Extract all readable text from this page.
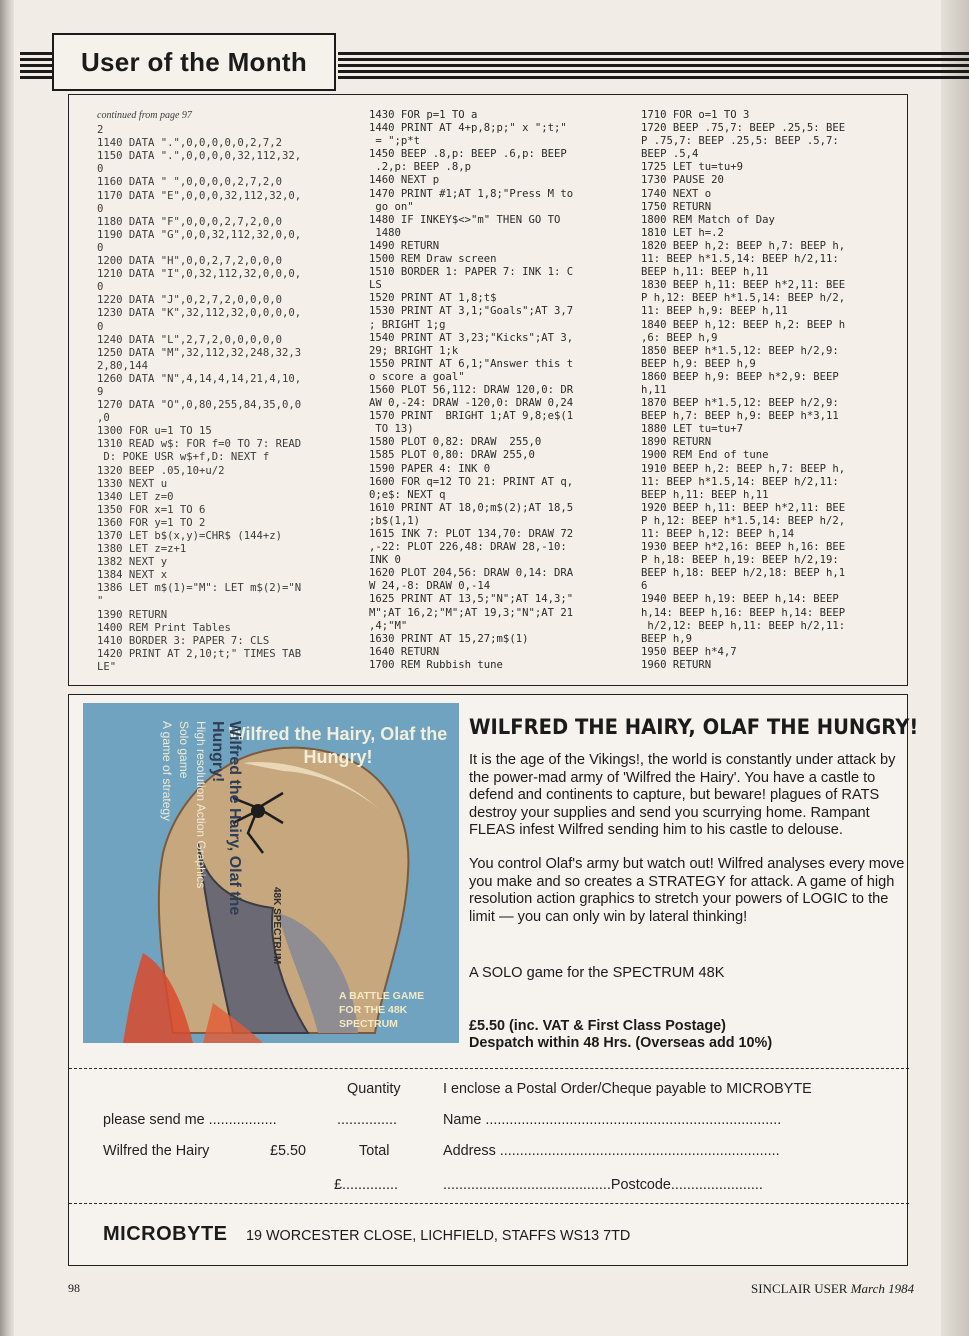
User of the Month
continued from page 97
2
1140 DATA ".",0,0,0,0,0,2,7,2
1150 DATA ".",0,0,0,0,32,112,32,
0
1160 DATA " ",0,0,0,0,2,7,2,0
1170 DATA "E",0,0,0,32,112,32,0,
0
1180 DATA "F",0,0,0,2,7,2,0,0
1190 DATA "G",0,0,32,112,32,0,0,
0
1200 DATA "H",0,0,2,7,2,0,0,0
1210 DATA "I",0,32,112,32,0,0,0,
0
1220 DATA "J",0,2,7,2,0,0,0,0
1230 DATA "K",32,112,32,0,0,0,0,
0
1240 DATA "L",2,7,2,0,0,0,0,0
1250 DATA "M",32,112,32,248,32,3
2,80,144
1260 DATA "N",4,14,4,14,21,4,10,
9
1270 DATA "O",0,80,255,84,35,0,0
,0
1300 FOR u=1 TO 15
1310 READ w$: FOR f=0 TO 7: READ
D: POKE USR w$+f,D: NEXT f
1320 BEEP .05,10+u/2
1330 NEXT u
1340 LET z=0
1350 FOR x=1 TO 6
1360 FOR y=1 TO 2
1370 LET b$(x,y)=CHR$ (144+z)
1380 LET z=z+1
1382 NEXT y
1384 NEXT x
1386 LET m$(1)="M": LET m$(2)="N
"
1390 RETURN
1400 REM Print Tables
1410 BORDER 3: PAPER 7: CLS
1420 PRINT AT 2,10;t;" TIMES TAB
LE"
1430 FOR p=1 TO a
1440 PRINT AT 4+p,8;p;" x ";t;"
= ";p*t
1450 BEEP .8,p: BEEP .6,p: BEEP
.2,p: BEEP .8,p
1460 NEXT p
1470 PRINT #1;AT 1,8;"Press M to
go on"
1480 IF INKEY$<>"m" THEN GO TO
1480
1490 RETURN
1500 REM Draw screen
1510 BORDER 1: PAPER 7: INK 1: C
LS
1520 PRINT AT 1,8;t$
1530 PRINT AT 3,1;"Goals";AT 3,7
; BRIGHT 1;g
1540 PRINT AT 3,23;"Kicks";AT 3,
29; BRIGHT 1;k
1550 PRINT AT 6,1;"Answer this t
o score a goal"
1560 PLOT 56,112: DRAW 120,0: DR
AW 0,-24: DRAW -120,0: DRAW 0,24
1570 PRINT  BRIGHT 1;AT 9,8;e$(1
TO 13)
1580 PLOT 0,82: DRAW  255,0
1585 PLOT 0,80: DRAW 255,0
1590 PAPER 4: INK 0
1600 FOR q=12 TO 21: PRINT AT q,
0;e$: NEXT q
1610 PRINT AT 18,0;m$(2);AT 18,5
;b$(1,1)
1615 INK 7: PLOT 134,70: DRAW 72
,-22: PLOT 226,48: DRAW 28,-10:
INK 0
1620 PLOT 204,56: DRAW 0,14: DRA
W 24,-8: DRAW 0,-14
1625 PRINT AT 13,5;"N";AT 14,3;"
M";AT 16,2;"M";AT 19,3;"N";AT 21
,4;"M"
1630 PRINT AT 15,27;m$(1)
1640 RETURN
1700 REM Rubbish tune
1710 FOR o=1 TO 3
1720 BEEP .75,7: BEEP .25,5: BEE
P .75,7: BEEP .25,5: BEEP .5,7:
BEEP .5,4
1725 LET tu=tu+9
1730 PAUSE 20
1740 NEXT o
1750 RETURN
1800 REM Match of Day
1810 LET h=.2
1820 BEEP h,2: BEEP h,7: BEEP h,
11: BEEP h*1.5,14: BEEP h/2,11:
BEEP h,11: BEEP h,11
1830 BEEP h,11: BEEP h*2,11: BEE
P h,12: BEEP h*1.5,14: BEEP h/2,
11: BEEP h,9: BEEP h,11
1840 BEEP h,12: BEEP h,2: BEEP h
,6: BEEP h,9
1850 BEEP h*1.5,12: BEEP h/2,9:
BEEP h,9: BEEP h,9
1860 BEEP h,9: BEEP h*2,9: BEEP
h,11
1870 BEEP h*1.5,12: BEEP h/2,9:
BEEP h,7: BEEP h,9: BEEP h*3,11
1880 LET tu=tu+7
1890 RETURN
1900 REM End of tune
1910 BEEP h,2: BEEP h,7: BEEP h,
11: BEEP h*1.5,14: BEEP h/2,11:
BEEP h,11: BEEP h,11
1920 BEEP h,11: BEEP h*2,11: BEE
P h,12: BEEP h*1.5,14: BEEP h/2,
11: BEEP h,12: BEEP h,14
1930 BEEP h*2,16: BEEP h,16: BEE
P h,18: BEEP h,19: BEEP h/2,19:
BEEP h,18: BEEP h/2,18: BEEP h,1
6
1940 BEEP h,19: BEEP h,14: BEEP
h,14: BEEP h,16: BEEP h,14: BEEP
h/2,12: BEEP h,11: BEEP h/2,11:
BEEP h,9
1950 BEEP h*4,7
1960 RETURN
Wilfred the Hairy, Olaf the Hungry!
Wilfred the Hairy, Olaf the Hungry!
High resolution Action Graphics
Solo game
A game of strategy
48K SPECTRUM
A BATTLE GAME FOR THE 48K SPECTRUM
WILFRED THE HAIRY, OLAF THE HUNGRY!
It is the age of the Vikings!, the world is constantly under attack by the power-mad army of 'Wilfred the Hairy'. You have a castle to defend and continents to capture, but beware! plagues of RATS destroy your supplies and send you scurrying home. Rampant FLEAS infest Wilfred sending him to his castle to delouse.
You control Olaf's army but watch out! Wilfred analyses every move you make and so creates a STRATEGY for attack. A game of high resolution action graphics to stretch your powers of LOGIC to the limit — you can only win by lateral thinking!
A SOLO game for the SPECTRUM 48K
£5.50 (inc. VAT & First Class Postage)
Despatch within 48 Hrs. (Overseas add 10%)
Quantity	I enclose a Postal Order/Cheque payable to MICROBYTE
please send me .................	...............	Name ..........................................................................
Wilfred the Hairy	£5.50	Total	Address ......................................................................
£..............	..........................................Postcode.......................
MICROBYTE 19 WORCESTER CLOSE, LICHFIELD, STAFFS WS13 7TD
98	SINCLAIR USER March 1984
